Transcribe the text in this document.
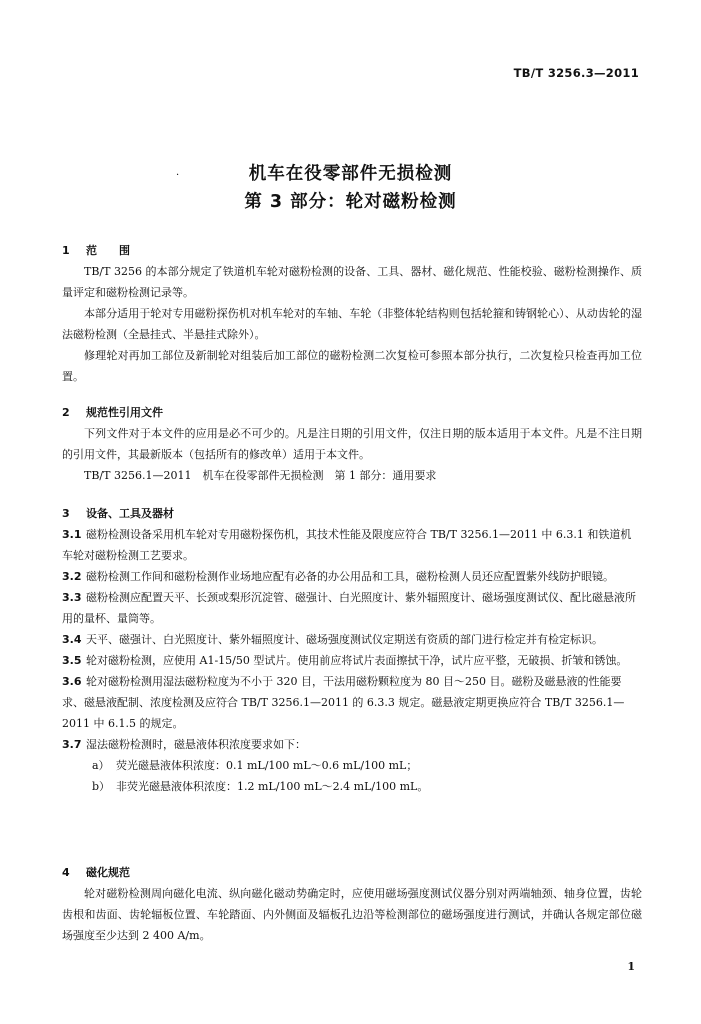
TB/T 3256.3—2011
·	机车在役零部件无损检测
第 3 部分：轮对磁粉检测
1 范　　围
TB/T 3256 的本部分规定了铁道机车轮对磁粉检测的设备、工具、器材、磁化规范、性能校验、磁粉检测操作、质量评定和磁粉检测记录等。
本部分适用于轮对专用磁粉探伤机对机车轮对的车轴、车轮（非整体轮结构则包括轮箍和铸钢轮心）、从动齿轮的湿法磁粉检测（全悬挂式、半悬挂式除外）。
修理轮对再加工部位及新制轮对组装后加工部位的磁粉检测二次复检可参照本部分执行，二次复检只检查再加工位置。
2 规范性引用文件
下列文件对于本文件的应用是必不可少的。凡是注日期的引用文件，仅注日期的版本适用于本文件。凡是不注日期的引用文件，其最新版本（包括所有的修改单）适用于本文件。
TB/T 3256.1—2011　机车在役零部件无损检测　第 1 部分：通用要求
3 设备、工具及器材
3.1 磁粉检测设备采用机车轮对专用磁粉探伤机，其技术性能及限度应符合 TB/T 3256.1—2011 中 6.3.1 和铁道机车轮对磁粉检测工艺要求。
3.2 磁粉检测工作间和磁粉检测作业场地应配有必备的办公用品和工具，磁粉检测人员还应配置紫外线防护眼镜。
3.3 磁粉检测应配置天平、长颈或梨形沉淀管、磁强计、白光照度计、紫外辐照度计、磁场强度测试仪、配比磁悬液所用的量杯、量筒等。
3.4 天平、磁强计、白光照度计、紫外辐照度计、磁场强度测试仪定期送有资质的部门进行检定并有检定标识。
3.5 轮对磁粉检测，应使用 A1-15/50 型试片。使用前应将试片表面擦拭干净，试片应平整，无破损、折皱和锈蚀。
3.6 轮对磁粉检测用湿法磁粉粒度为不小于 320 目，干法用磁粉颗粒度为 80 目～250 目。磁粉及磁悬液的性能要求、磁悬液配制、浓度检测及应符合 TB/T 3256.1—2011 的 6.3.3 规定。磁悬液定期更换应符合 TB/T 3256.1—2011 中 6.1.5 的规定。
3.7 湿法磁粉检测时，磁悬液体积浓度要求如下：
a） 荧光磁悬液体积浓度：0.1 mL/100 mL～0.6 mL/100 mL；
b） 非荧光磁悬液体积浓度：1.2 mL/100 mL～2.4 mL/100 mL。
4 磁化规范
轮对磁粉检测周向磁化电流、纵向磁化磁动势确定时，应使用磁场强度测试仪器分别对两端轴颈、轴身位置，齿轮齿根和齿面、齿轮辐板位置、车轮踏面、内外侧面及辐板孔边沿等检测部位的磁场强度进行测试，并确认各规定部位磁场强度至少达到 2 400 A/m。
1
